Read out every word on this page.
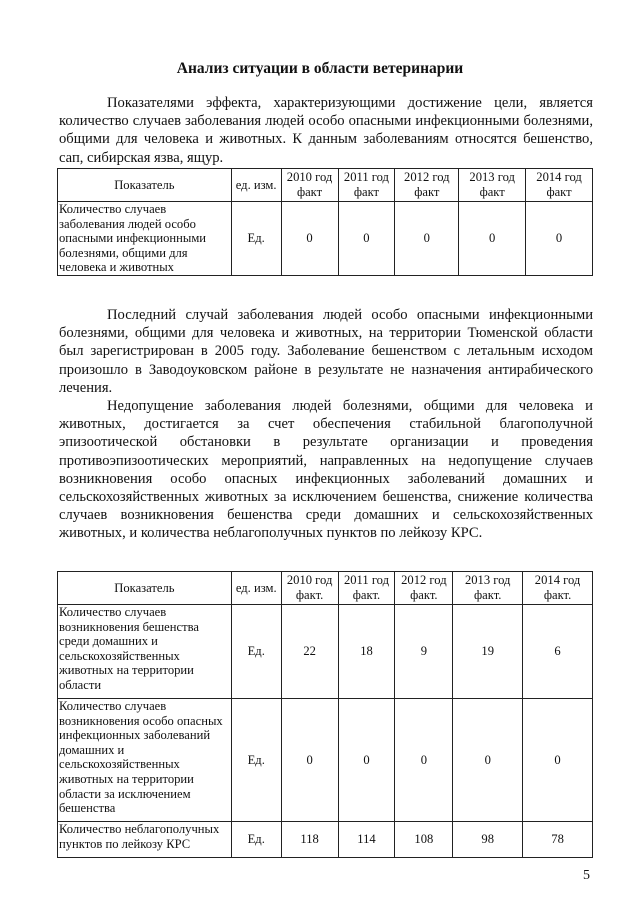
Анализ ситуации в области ветеринарии

Показателями эффекта, характеризующими достижение цели, является количество случаев заболевания людей особо опасными инфекционными болезнями, общими для человека и животных. К данным заболеваниям относятся бешенство, сап, сибирская язва, ящур.

Показатель	ед. изм.	2010 год факт	2011 год факт	2012 год факт	2013 год факт	2014 год факт
Количество случаев заболевания людей особо опасными инфекционными болезнями, общими для человека и животных	Ед.	0	0	0	0	0

Последний случай заболевания людей особо опасными инфекционными болезнями, общими для человека и животных, на территории Тюменской области был зарегистрирован в 2005 году. Заболевание бешенством с летальным исходом произошло в Заводоуковском районе в результате не назначения антирабического лечения.

Недопущение заболевания людей болезнями, общими для человека и животных, достигается за счет обеспечения стабильной благополучной эпизоотической обстановки в результате организации и проведения противоэпизоотических мероприятий, направленных на недопущение случаев возникновения особо опасных инфекционных заболеваний домашних и сельскохозяйственных животных за исключением бешенства, снижение количества случаев возникновения бешенства среди домашних и сельскохозяйственных животных, и количества неблагополучных пунктов по лейкозу КРС.

Показатель	ед. изм.	2010 год факт.	2011 год факт.	2012 год факт.	2013 год факт.	2014 год факт.
Количество случаев возникновения бешенства среди домашних и сельскохозяйственных животных на территории области	Ед.	22	18	9	19	6
Количество случаев возникновения особо опасных инфекционных заболеваний домашних и сельскохозяйственных животных на территории области за исключением бешенства	Ед.	0	0	0	0	0
Количество неблагополучных пунктов по лейкозу КРС	Ед.	118	114	108	98	78
5
